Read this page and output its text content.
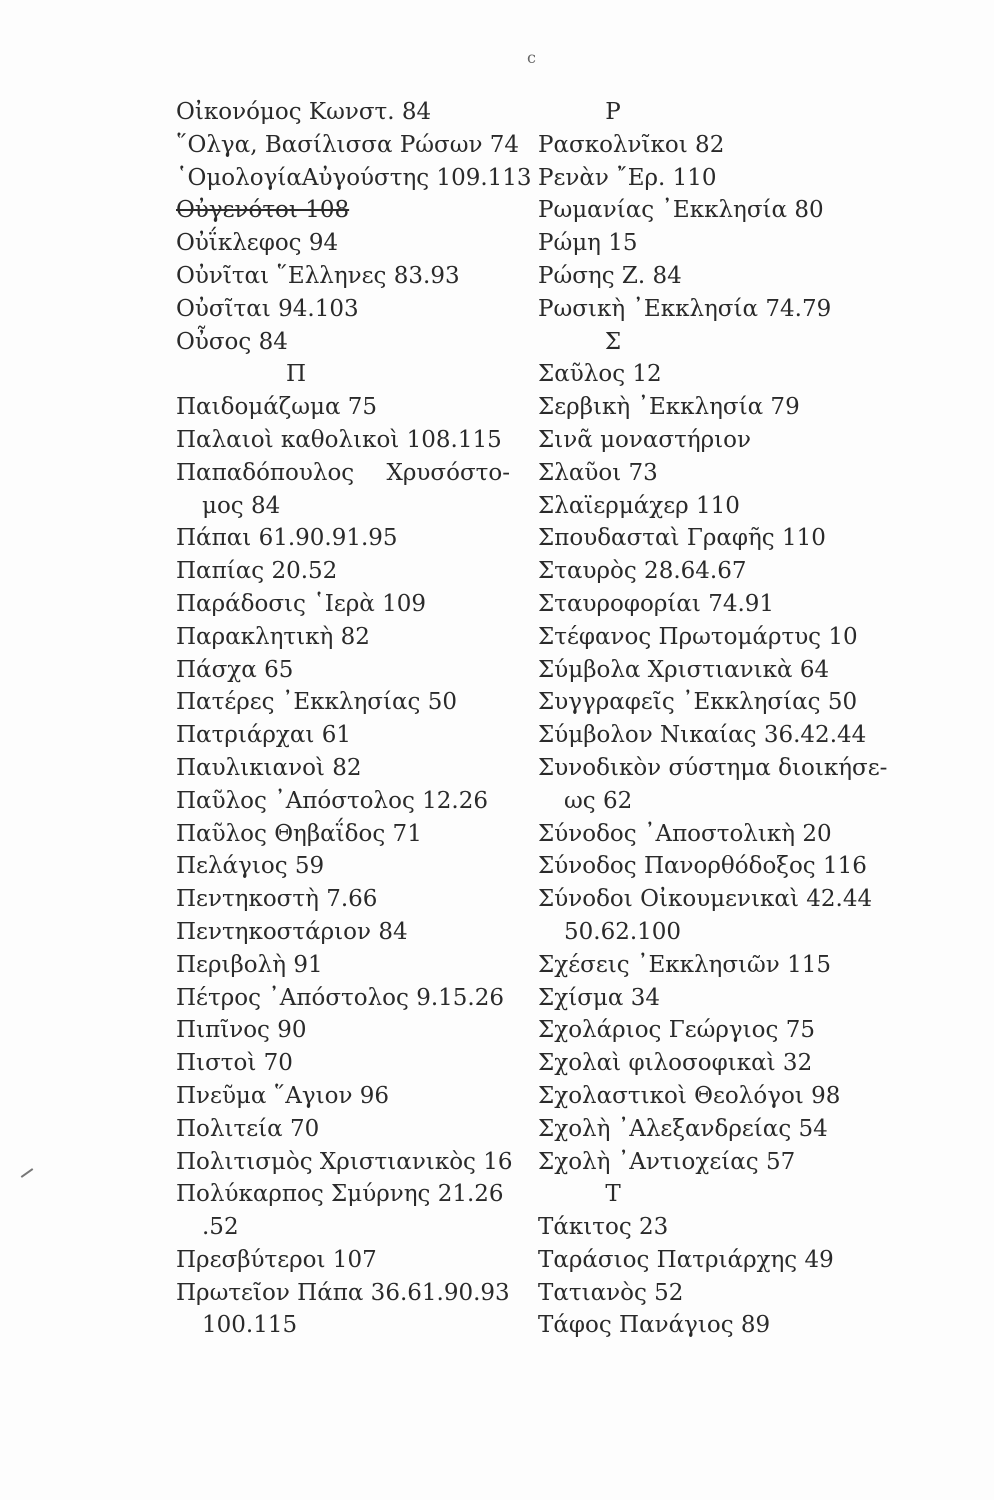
c
Οἰκονόμος Κωνστ. 84
῞Ολγα, Βασίλισσα Ρώσων 74
῾ΟμολογίαΑὐγούστης 109.113
Οὐγενότοι 108
Οὐΐκλεφος 94
Οὐνῖται ῞Ελληνες 83.93
Οὐσῖται 94.103
Οὖσος 84
Π
Παιδομάζωμα 75
Παλαιοὶ καθολικοὶ 108.115
Παπαδόπουλος Χρυσόστο-
μος 84
Πάπαι 61.90.91.95
Παπίας 20.52
Παράδοσις ῾Ιερὰ 109
Παρακλητικὴ 82
Πάσχα 65
Πατέρες ᾿Εκκλησίας 50
Πατριάρχαι 61
Παυλικιανοὶ 82
Παῦλος ᾿Απόστολος 12.26
Παῦλος Θηβαΐδος 71
Πελάγιος 59
Πεντηκοστὴ 7.66
Πεντηκοστάριον 84
Περιβολὴ 91
Πέτρος ᾿Απόστολος 9.15.26
Πιπῖνος 90
Πιστοὶ 70
Πνεῦμα ῞Αγιον 96
Πολιτεία 70
Πολιτισμὸς Χριστιανικὸς 16
Πολύκαρπος Σμύρνης 21.26
.52
Πρεσβύτεροι 107
Πρωτεῖον Πάπα 36.61.90.93
100.115
Ρ
Ρασκολνῖκοι 82
Ρενὰν ῎Ερ. 110
Ρωμανίας ᾿Εκκλησία 80
Ρώμη 15
Ρώσης Ζ. 84
Ρωσικὴ ᾿Εκκλησία 74.79
Σ
Σαῦλος 12
Σερβικὴ ᾿Εκκλησία 79
Σινᾶ μοναστήριον
Σλαῦοι 73
Σλαϊερμάχερ 110
Σπουδασταὶ Γραφῆς 110
Σταυρὸς 28.64.67
Σταυροφορίαι 74.91
Στέφανος Πρωτομάρτυς 10
Σύμβολα Χριστιανικὰ 64
Συγγραφεῖς ᾿Εκκλησίας 50
Σύμβολον Νικαίας 36.42.44
Συνοδικὸν σύστημα διοικήσε-
ως 62
Σύνοδος ᾿Αποστολικὴ 20
Σύνοδος Πανορθόδοξος 116
Σύνοδοι Οἰκουμενικαὶ 42.44
50.62.100
Σχέσεις ᾿Εκκλησιῶν 115
Σχίσμα 34
Σχολάριος Γεώργιος 75
Σχολαὶ φιλοσοφικαὶ 32
Σχολαστικοὶ Θεολόγοι 98
Σχολὴ ᾿Αλεξανδρείας 54
Σχολὴ ᾿Αντιοχείας 57
Τ
Τάκιτος 23
Ταράσιος Πατριάρχης 49
Τατιανὸς 52
Τάφος Πανάγιος 89
